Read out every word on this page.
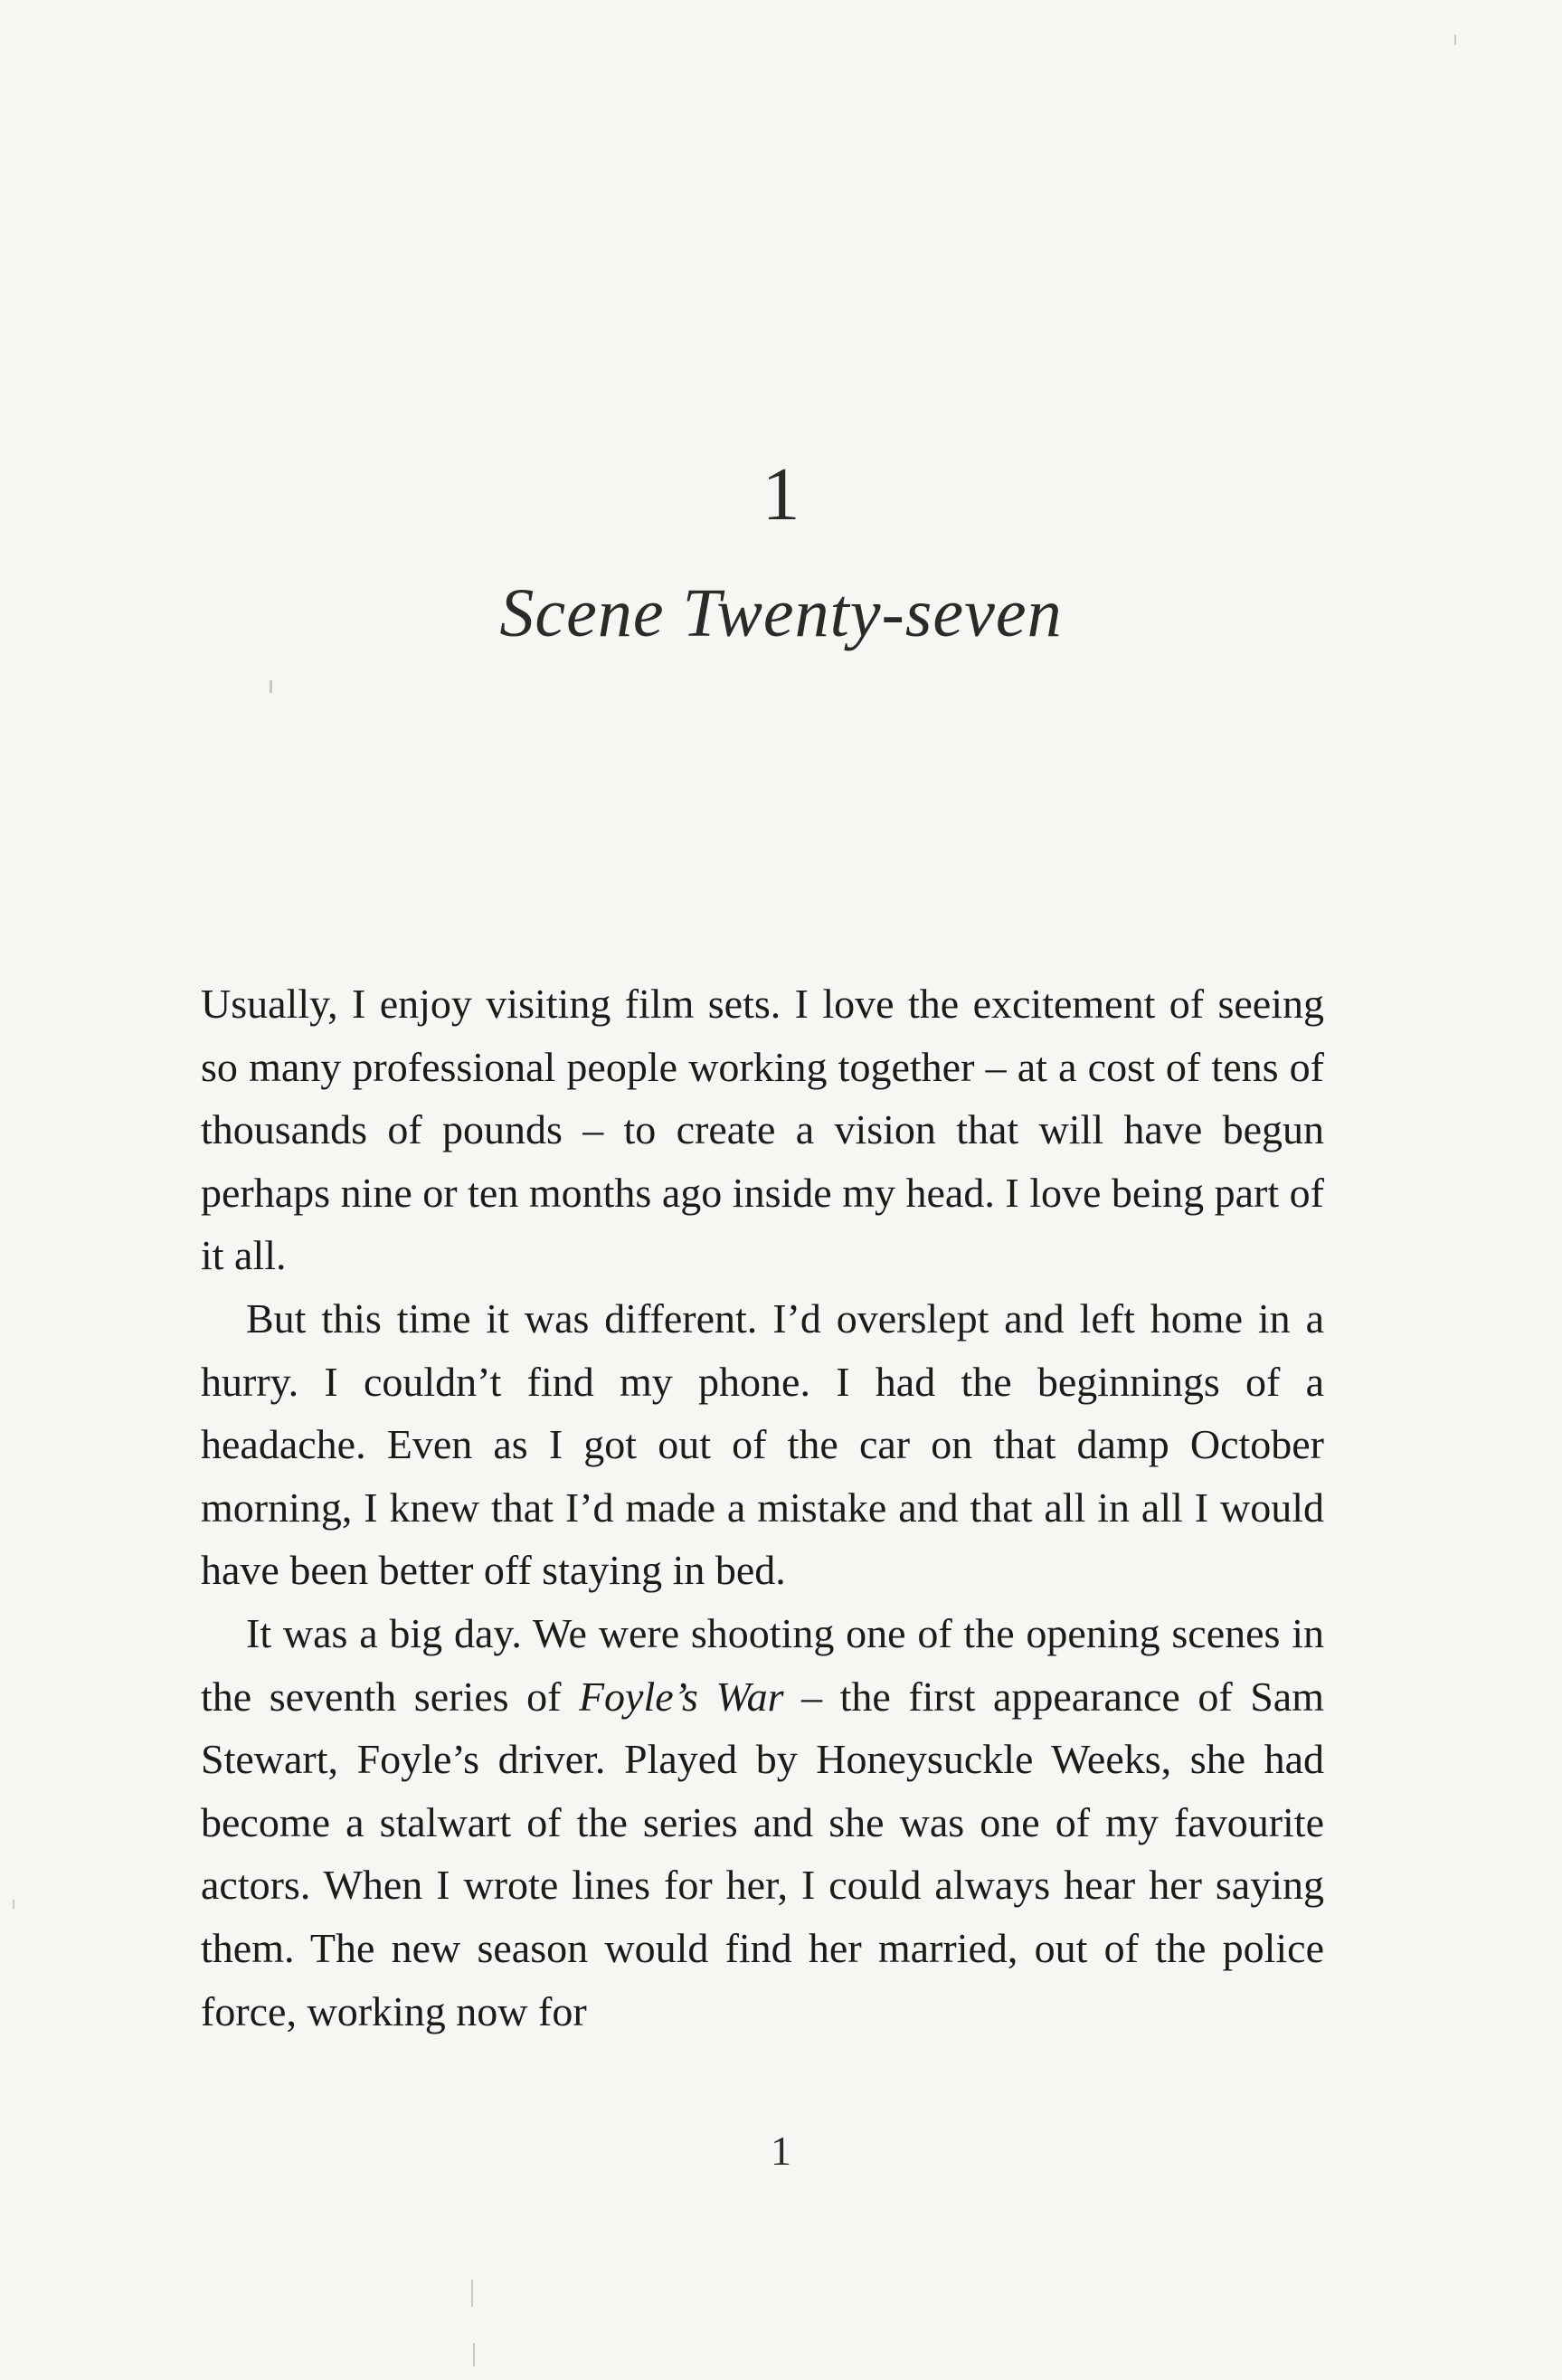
1
Scene Twenty-seven

Usually, I enjoy visiting film sets. I love the excitement of seeing so many professional people working together – at a cost of tens of thousands of pounds – to create a vision that will have begun perhaps nine or ten months ago inside my head. I love being part of it all.

But this time it was different. I’d overslept and left home in a hurry. I couldn’t find my phone. I had the beginnings of a headache. Even as I got out of the car on that damp October morning, I knew that I’d made a mistake and that all in all I would have been better off staying in bed.

It was a big day. We were shooting one of the opening scenes in the seventh series of Foyle’s War – the first appearance of Sam Stewart, Foyle’s driver. Played by Honeysuckle Weeks, she had become a stalwart of the series and she was one of my favourite actors. When I wrote lines for her, I could always hear her saying them. The new season would find her married, out of the police force, working now for

1
